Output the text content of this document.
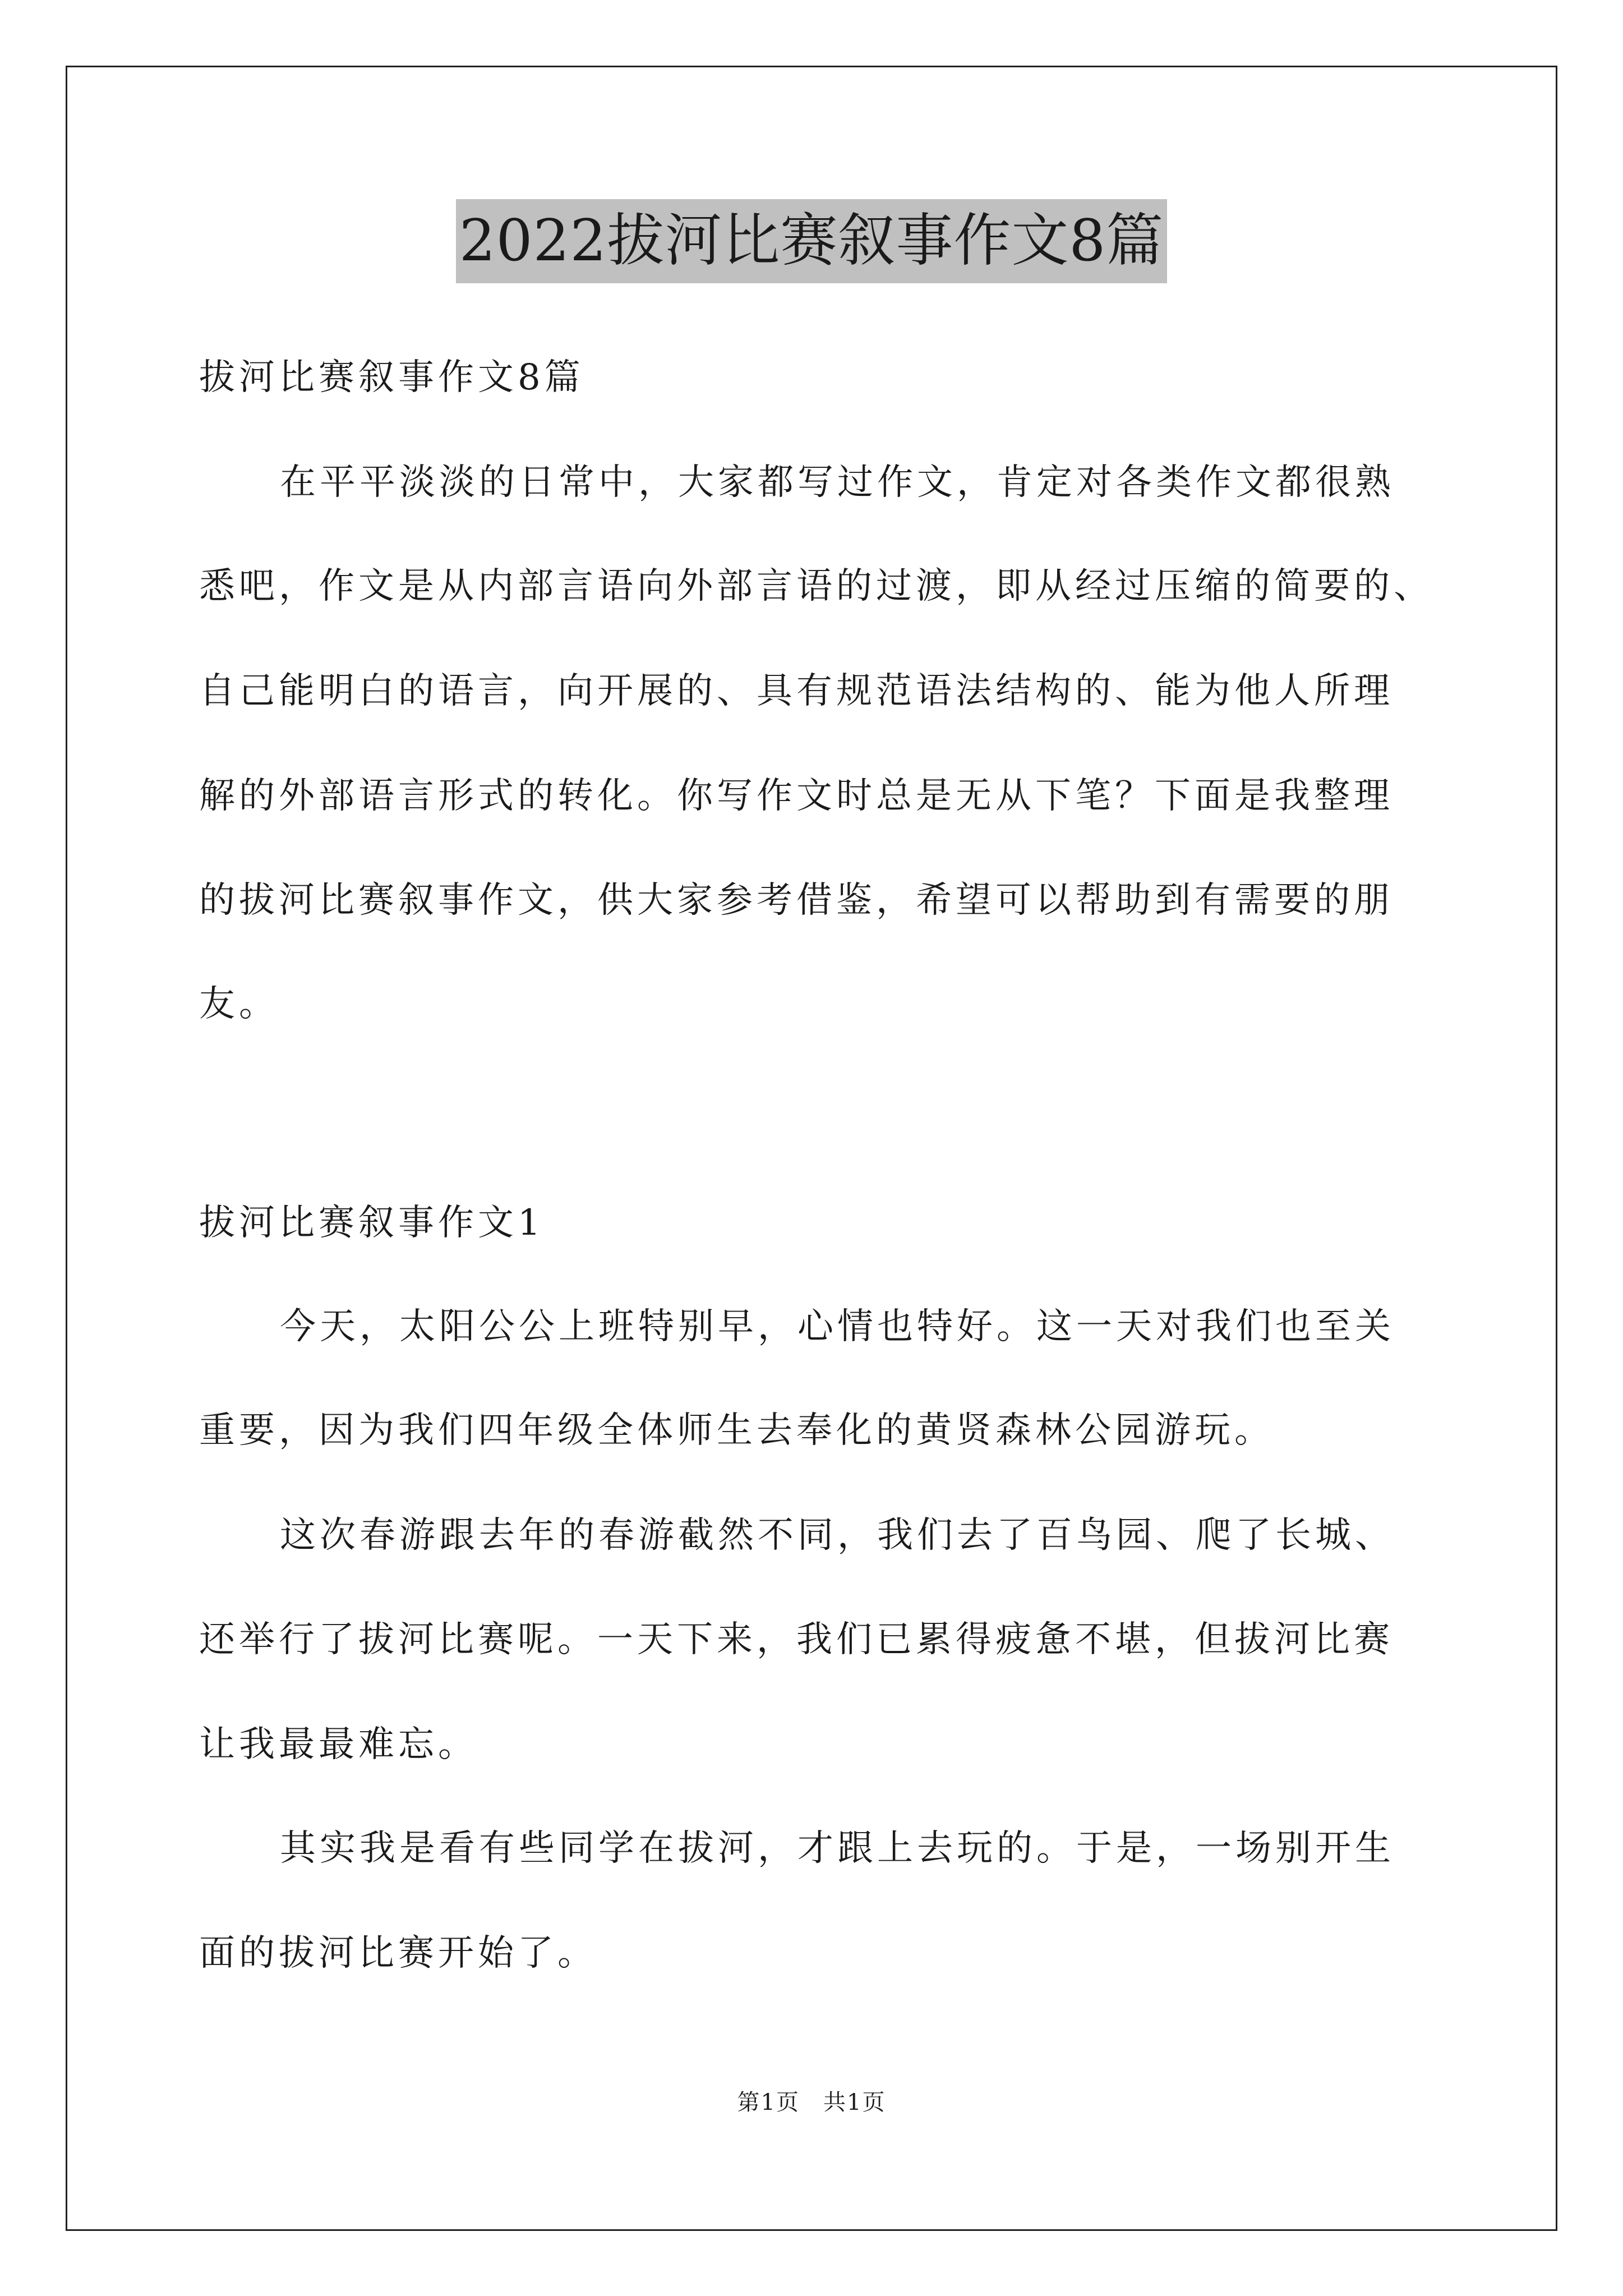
2022拔河比赛叙事作文8篇
拔河比赛叙事作文8篇
在平平淡淡的日常中，大家都写过作文，肯定对各类作文都很熟
悉吧，作文是从内部言语向外部言语的过渡，即从经过压缩的简要的、
自己能明白的语言，向开展的、具有规范语法结构的、能为他人所理
解的外部语言形式的转化。你写作文时总是无从下笔？下面是我整理
的拔河比赛叙事作文，供大家参考借鉴，希望可以帮助到有需要的朋
友。
拔河比赛叙事作文1
今天，太阳公公上班特别早，心情也特好。这一天对我们也至关
重要，因为我们四年级全体师生去奉化的黄贤森林公园游玩。
这次春游跟去年的春游截然不同，我们去了百鸟园、爬了长城、
还举行了拔河比赛呢。一天下来，我们已累得疲惫不堪，但拔河比赛
让我最最难忘。
其实我是看有些同学在拔河，才跟上去玩的。于是，一场别开生
面的拔河比赛开始了。
第1页　共1页
